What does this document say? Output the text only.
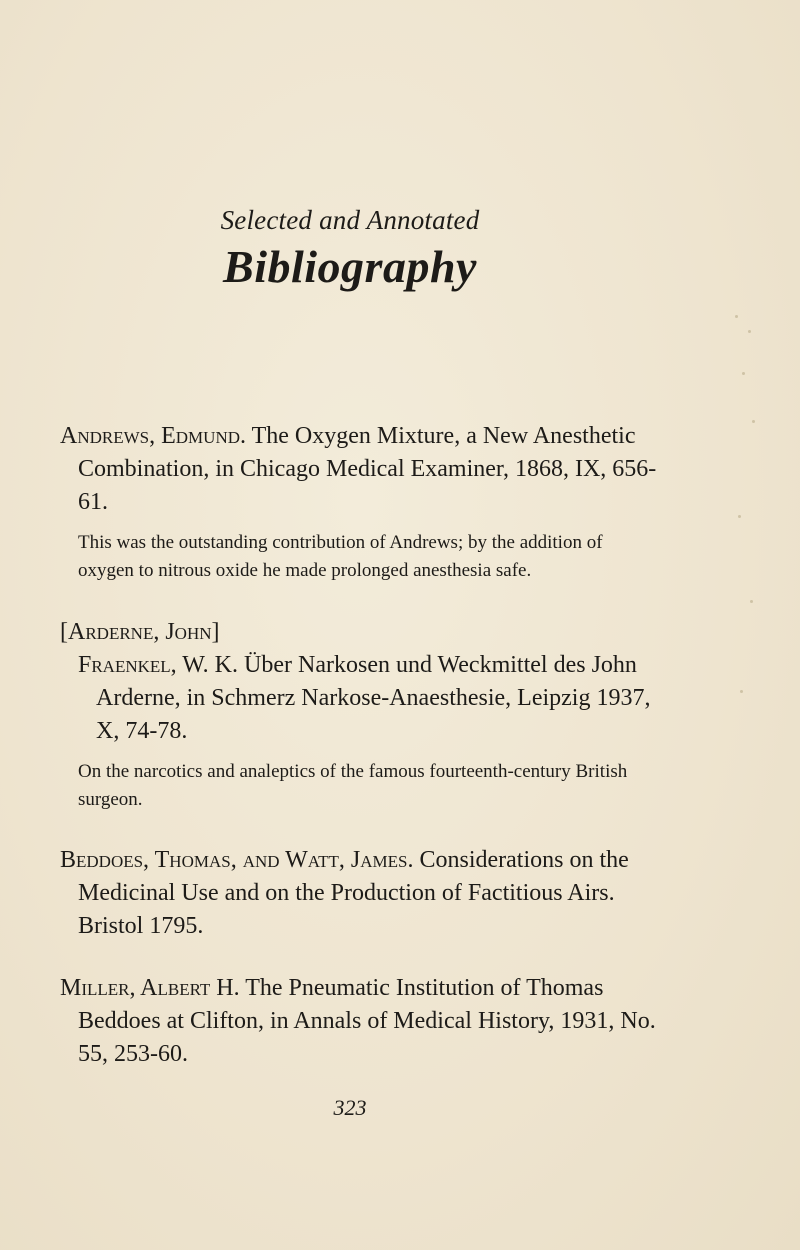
Selected and Annotated
Bibliography

Andrews, Edmund. The Oxygen Mixture, a New Anesthetic Combination, in Chicago Medical Examiner, 1868, IX, 656-61.

This was the outstanding contribution of Andrews; by the addition of oxygen to nitrous oxide he made prolonged anesthesia safe.

[Arderne, John]

Fraenkel, W. K. Über Narkosen und Weckmittel des John Arderne, in Schmerz Narkose-Anaesthesie, Leipzig 1937, X, 74-78.

On the narcotics and analeptics of the famous fourteenth-century British surgeon.

Beddoes, Thomas, and Watt, James. Considerations on the Medicinal Use and on the Production of Factitious Airs. Bristol 1795.

Miller, Albert H. The Pneumatic Institution of Thomas Beddoes at Clifton, in Annals of Medical History, 1931, No. 55, 253-60.

323
